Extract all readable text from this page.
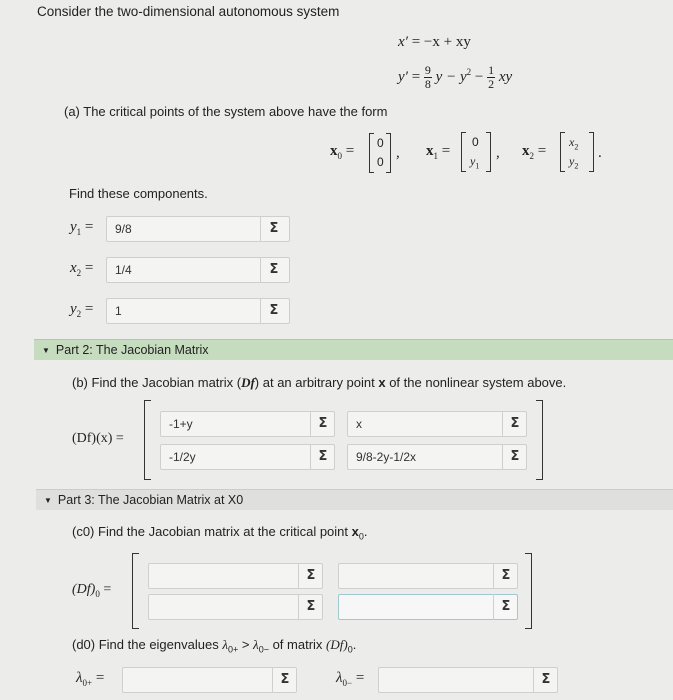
Consider the two-dimensional autonomous system
x′ = −x + xy
$y' = \frac{9}{8}$ $y - y^2 - \frac{1}{2}$ xy
(a) The critical points of the system above have the form
$x_0 = 0$
0
, $x_1$ =
0
$y_1$
, $x_2$ =
$x_2$
$y_2$
.
Find these components.
$y_1$ =	9/8	Σ
$x_2$ =	1/4	Σ
$y_2$ =	1	Σ
▼ Part 2: The Jacobian Matrix
(b) Find the Jacobian matrix (Df) at an arbitrary point x of the nonlinear system above.
(Df)(x) =
-1+y	Σ	x	Σ
-1/2y	Σ	9/8-2y-1/2x	Σ
▼ Part 3: The Jacobian Matrix at X0
(c0) Find the Jacobian matrix at the critical point $x_0$.
$(Df)_0$ =
Σ	Σ
Σ	Σ
(d0) Find the eigenvalues $\lambda_{0+} > \lambda_{0-}$ of matrix $(Df)_0$.
$\lambda_{0+}$ =	Σ	$\lambda_{0-}$ =	Σ
